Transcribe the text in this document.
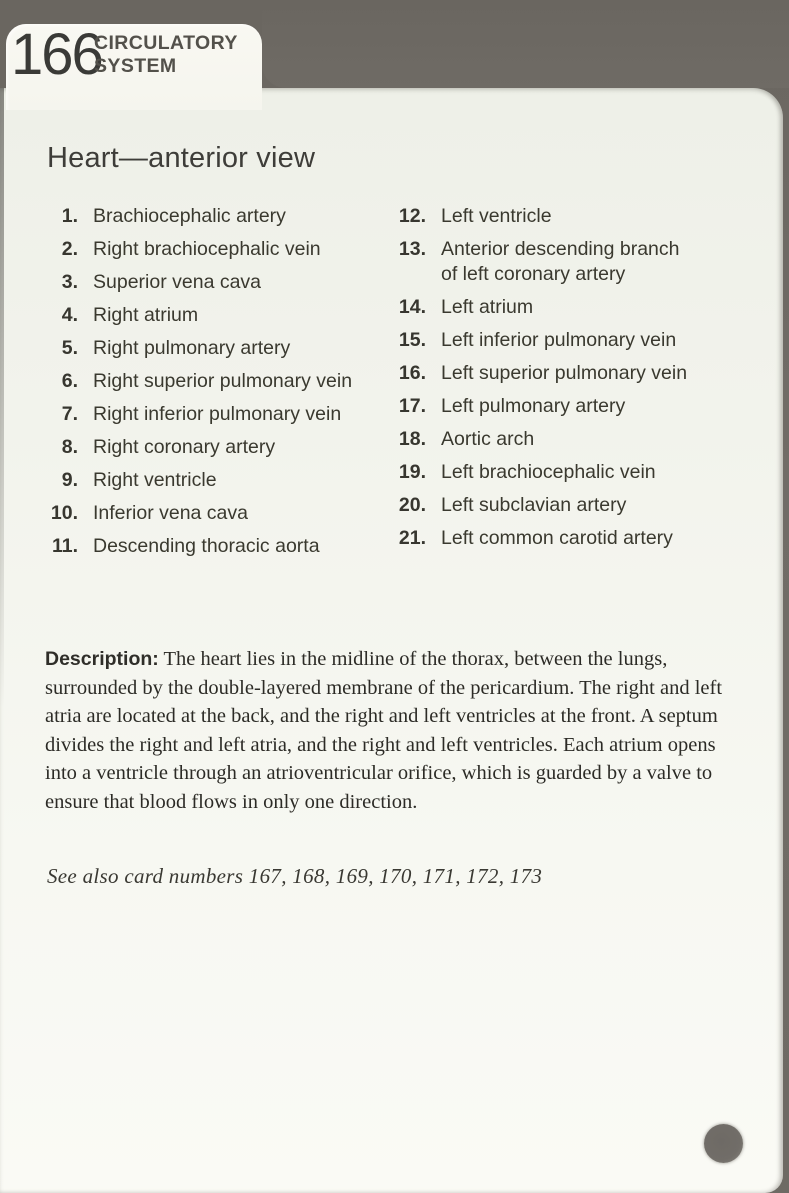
166
CIRCULATORY
SYSTEM
Heart—anterior view
1. Brachiocephalic artery
2. Right brachiocephalic vein
3. Superior vena cava
4. Right atrium
5. Right pulmonary artery
6. Right superior pulmonary vein
7. Right inferior pulmonary vein
8. Right coronary artery
9. Right ventricle
10. Inferior vena cava
11. Descending thoracic aorta
12. Left ventricle
13. Anterior descending branch of left coronary artery
14. Left atrium
15. Left inferior pulmonary vein
16. Left superior pulmonary vein
17. Left pulmonary artery
18. Aortic arch
19. Left brachiocephalic vein
20. Left subclavian artery
21. Left common carotid artery
Description: The heart lies in the midline of the thorax, between the lungs, surrounded by the double-layered membrane of the pericardium. The right and left atria are located at the back, and the right and left ventricles at the front. A septum divides the right and left atria, and the right and left ventricles. Each atrium opens into a ventricle through an atrioventricular orifice, which is guarded by a valve to ensure that blood flows in only one direction.
See also card numbers 167, 168, 169, 170, 171, 172, 173
